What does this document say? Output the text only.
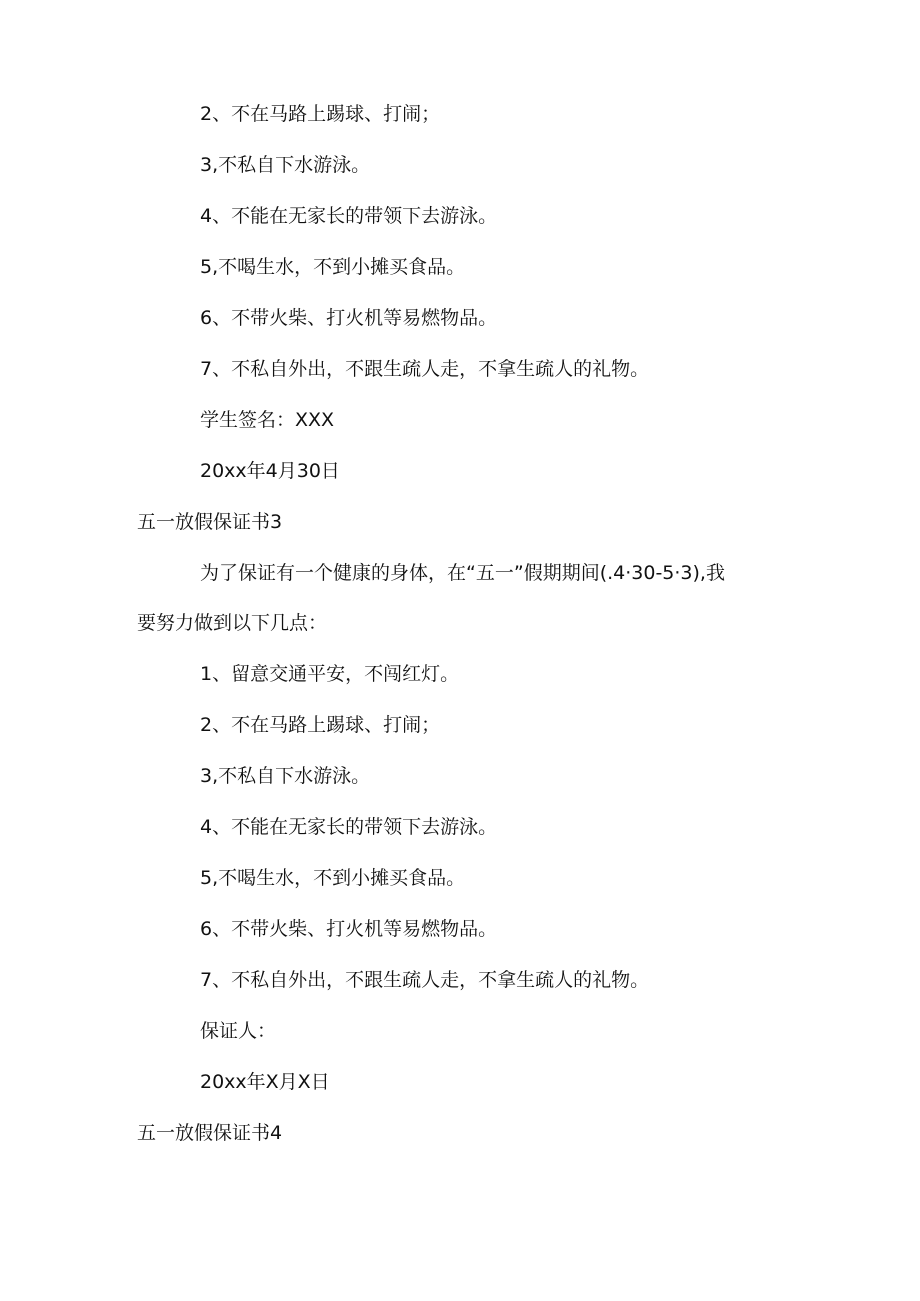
2、不在马路上踢球、打闹；
3,不私自下水游泳。
4、不能在无家长的带领下去游泳。
5,不喝生水，不到小摊买食品。
6、不带火柴、打火机等易燃物品。
7、不私自外出，不跟生疏人走，不拿生疏人的礼物。
学生签名：XXX
20xx年4月30日
五一放假保证书3
为了保证有一个健康的身体，在“五一”假期期间(.4·30-5·3),我
要努力做到以下几点：
1、留意交通平安，不闯红灯。
2、不在马路上踢球、打闹；
3,不私自下水游泳。
4、不能在无家长的带领下去游泳。
5,不喝生水，不到小摊买食品。
6、不带火柴、打火机等易燃物品。
7、不私自外出，不跟生疏人走，不拿生疏人的礼物。
保证人：
20xx年X月X日
五一放假保证书4
